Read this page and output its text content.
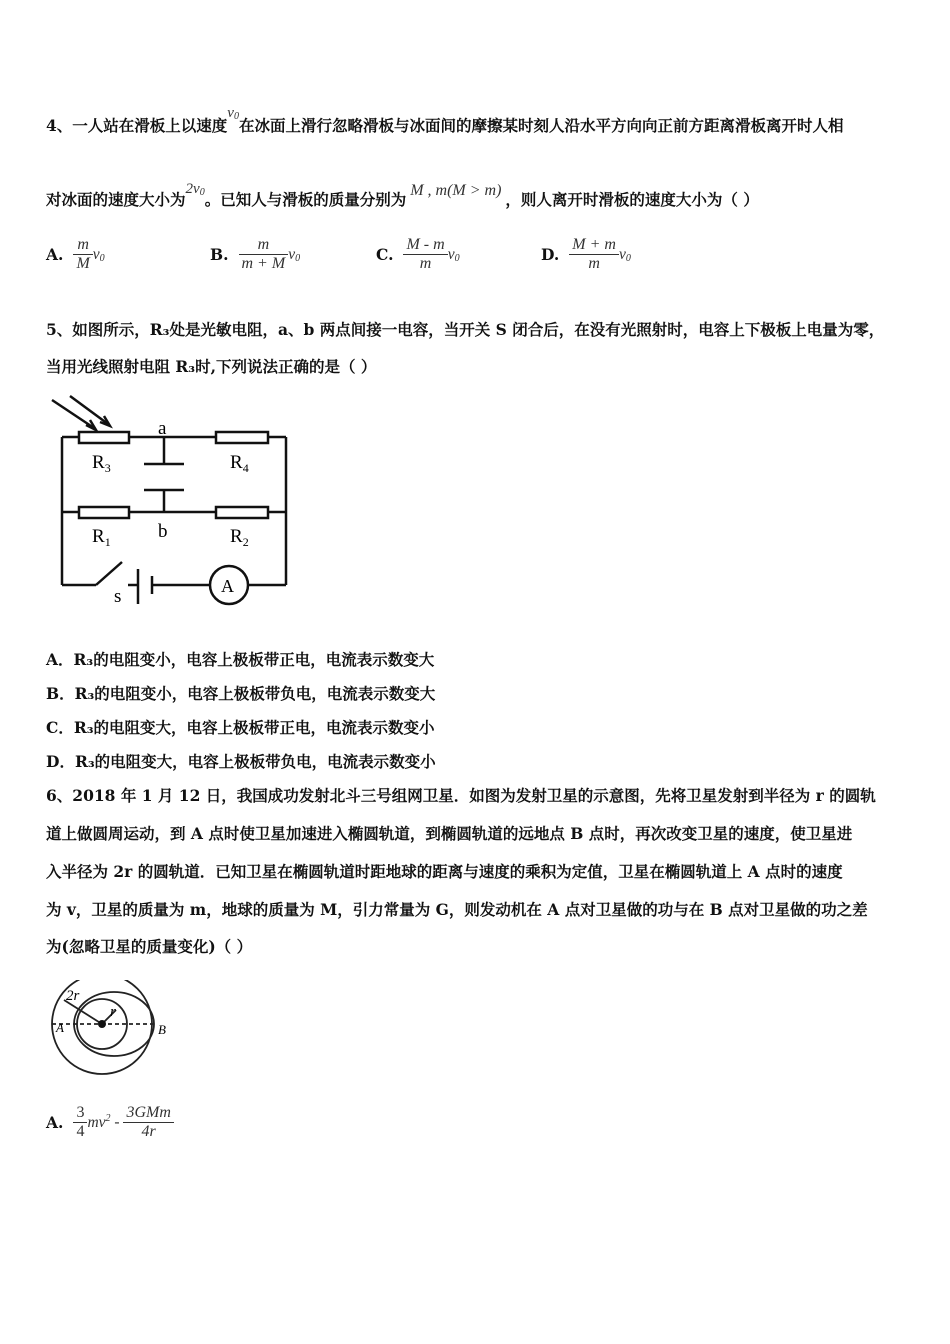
4、一人站在滑板上以速度$v_0$在冰面上滑行忽略滑板与冰面间的摩擦某时刻人沿水平方向向正前方距离滑板离开时人相
对冰面的速度大小为$2v_0$。已知人与滑板的质量分别为 M , m(M > m) ，则人离开时滑板的速度大小为（ ）
A. $\frac{m}{M} v_0$	B. $\frac{m}{m + M} v_0$	C. $\frac{M - m}{m} v_0$	D. $\frac{M + m}{m} v_0$
5、如图所示，R₃处是光敏电阻，a、b 两点间接一电容，当开关 S 闭合后，在没有光照射时，电容上下极板上电量为零，
当用光线照射电阻 R₃时,下列说法正确的是（ ）
a
b
$R_3$	$R_4$
$R_1$	$R_2$
s	A
A．R₃的电阻变小，电容上极板带正电，电流表示数变大
B．R₃的电阻变小，电容上极板带负电，电流表示数变大
C．R₃的电阻变大，电容上极板带正电，电流表示数变小
D．R₃的电阻变大，电容上极板带负电，电流表示数变小
6、2018 年 1 月 12 日，我国成功发射北斗三号组网卫星．如图为发射卫星的示意图，先将卫星发射到半径为 r 的圆轨
道上做圆周运动，到 A 点时使卫星加速进入椭圆轨道，到椭圆轨道的远地点 B 点时，再次改变卫星的速度，使卫星进
入半径为 2r 的圆轨道．已知卫星在椭圆轨道时距地球的距离与速度的乘积为定值，卫星在椭圆轨道上 A 点时的速度
为 v，卫星的质量为 m，地球的质量为 M，引力常量为 G，则发动机在 A 点对卫星做的功与在 B 点对卫星做的功之差
为(忽略卫星的质量变化)（ ）
2r
r
A	B
A. $\frac{3}{4} mv^2 - \frac{\text{3GMm}}{4r}$
